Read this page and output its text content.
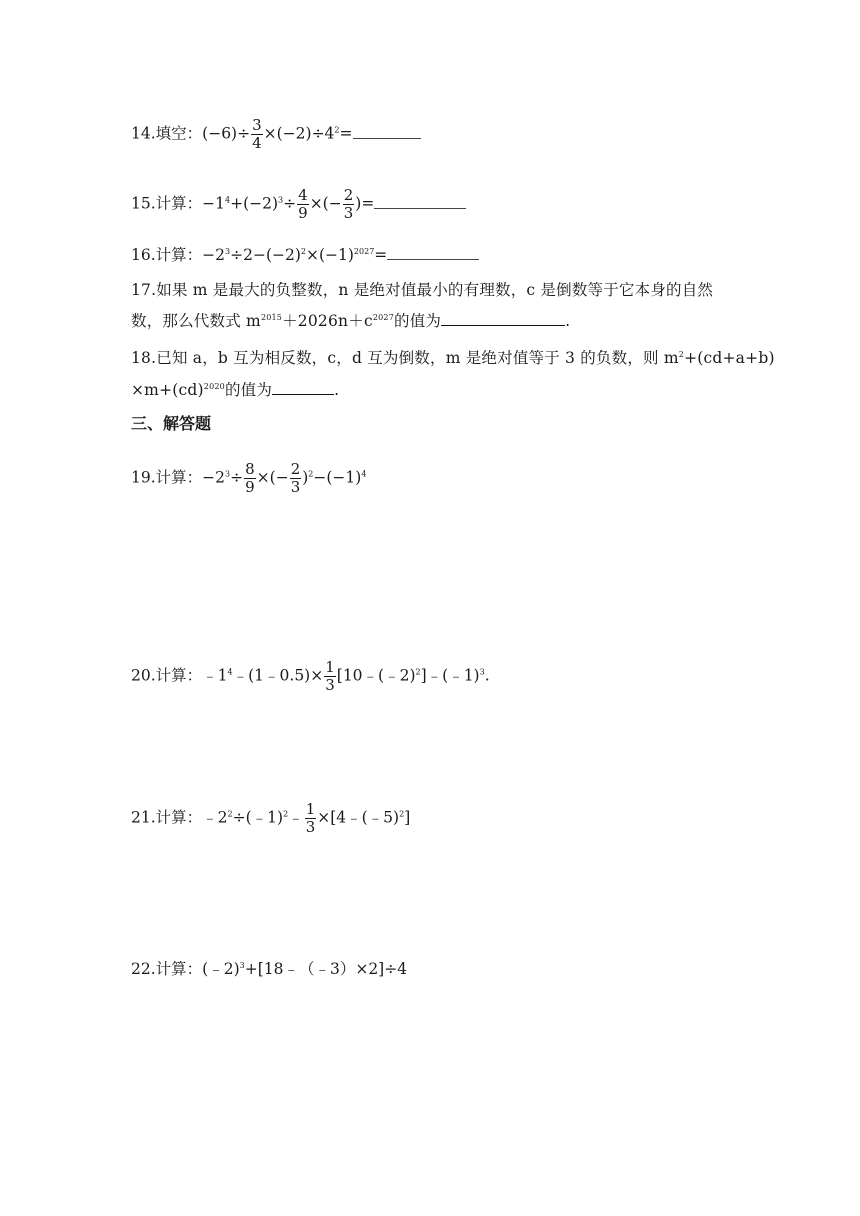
14.填空：$(-6)\div \frac{3}{4} \times(-2)\div 4^2=$
15.计算：$-1^4+(-2)^3\div \frac{4}{9}$ ×(− $\frac{2}{3}$ )=
16.计算：$-2^3\div 2-(-2)^2\times(-1)^{2027}=$
17.如果 m 是最大的负整数，n 是绝对值最小的有理数，c 是倒数等于它本身的自然
数，那么代数式 $m^{2015}+2026n+c^{2027}$的值为	.
18.已知 a，b 互为相反数，c，d 互为倒数，m 是绝对值等于 3 的负数，则 $m^2+(cd+a+b)$
×m+(cd)$^{2020}$的值为	.
三、解答题
19.计算：$-2^3\div \frac{8}{9}$ ×(− $\frac{2}{3} )^2-(-1)^4$
20.计算：$﹣1^4﹣(1﹣0.5)\times \frac{1}{3}$ [10﹣(﹣2)$^2$]﹣(﹣1)$^3$.
21.计算：$﹣2^2\div(﹣1)^2﹣ \frac{1}{3}$ ×[4﹣(﹣5)$^2$]
22.计算：(﹣2)$^3$+[18﹣（﹣3）×2]÷4
